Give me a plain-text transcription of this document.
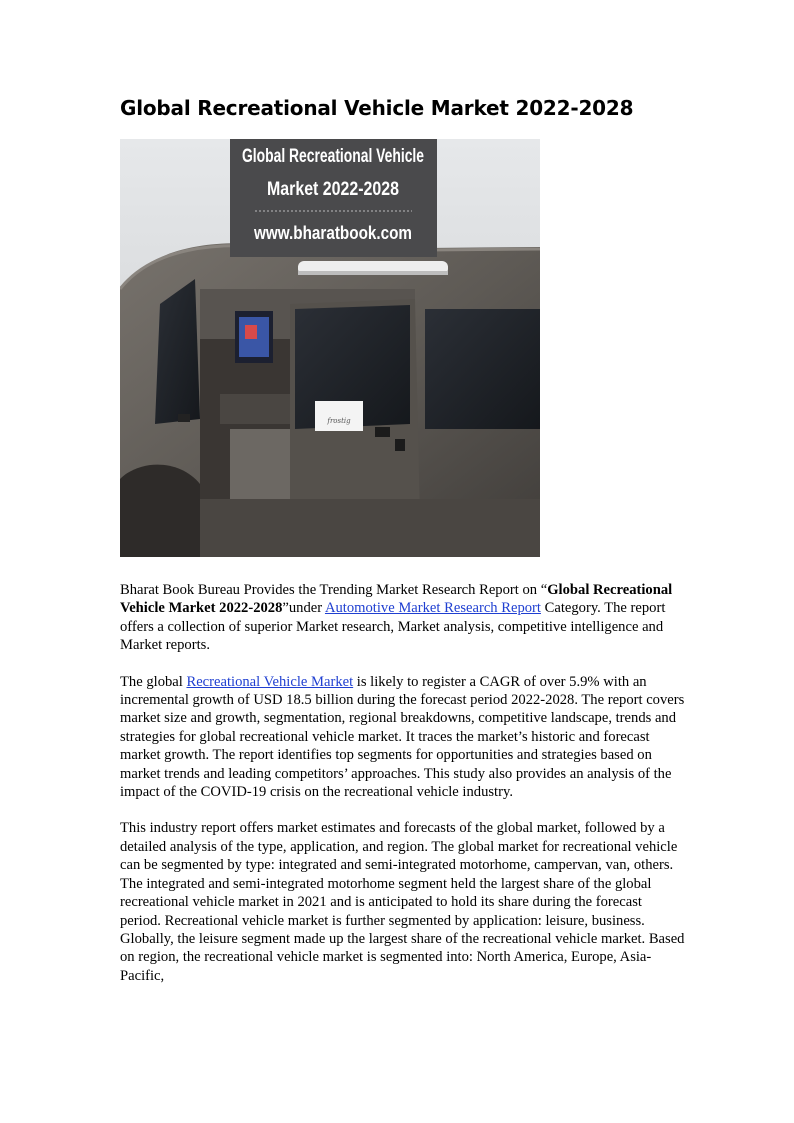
Global Recreational Vehicle Market 2022-2028
frostig
Global Recreational Vehicle
Market 2022-2028
www.bharatbook.com

Bharat Book Bureau Provides the Trending Market Research Report on “Global Recreational Vehicle Market 2022-2028”under Automotive Market Research Report Category. The report offers a collection of superior Market research, Market analysis, competitive intelligence and Market reports.

The global Recreational Vehicle Market is likely to register a CAGR of over 5.9% with an incremental growth of USD 18.5 billion during the forecast period 2022-2028. The report covers market size and growth, segmentation, regional breakdowns, competitive landscape, trends and strategies for global recreational vehicle market. It traces the market’s historic and forecast market growth. The report identifies top segments for opportunities and strategies based on market trends and leading competitors’ approaches. This study also provides an analysis of the impact of the COVID-19 crisis on the recreational vehicle industry.

This industry report offers market estimates and forecasts of the global market, followed by a detailed analysis of the type, application, and region. The global market for recreational vehicle can be segmented by type: integrated and semi-integrated motorhome, campervan, van, others. The integrated and semi-integrated motorhome segment held the largest share of the global recreational vehicle market in 2021 and is anticipated to hold its share during the forecast period. Recreational vehicle market is further segmented by application: leisure, business. Globally, the leisure segment made up the largest share of the recreational vehicle market. Based on region, the recreational vehicle market is segmented into: North America, Europe, Asia-Pacific,
